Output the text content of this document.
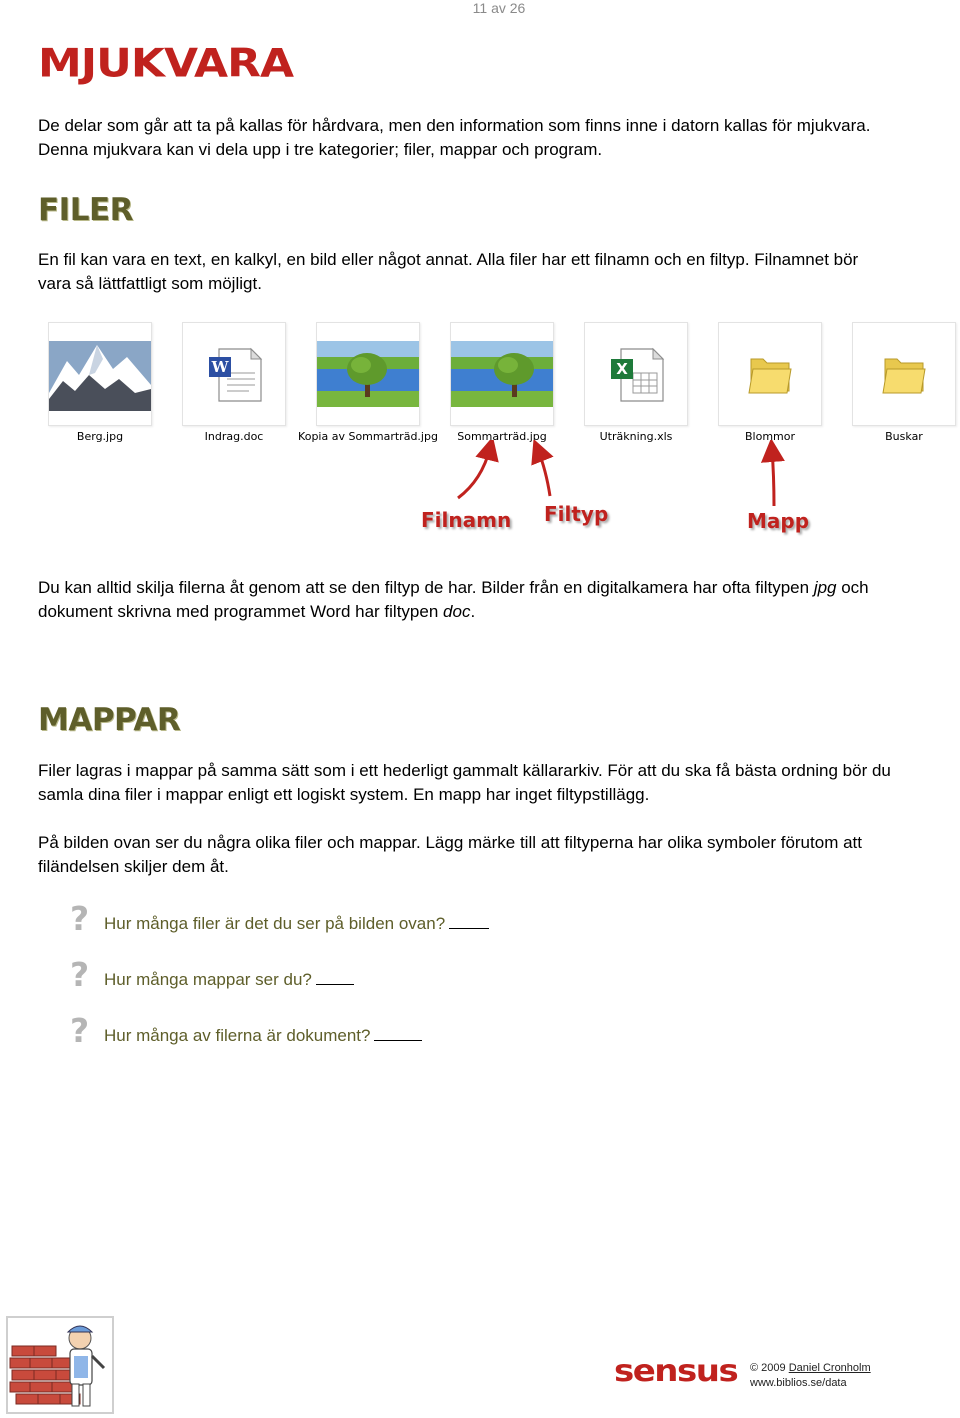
11 av 26
MJUKVARA

De delar som går att ta på kallas för hårdvara, men den information som finns inne i datorn kallas för mjukvara.

Denna mjukvara kan vi dela upp i tre kategorier; filer, mappar och program.

FILER

En fil kan vara en text, en kalkyl, en bild eller något annat. Alla filer har ett filnamn och en filtyp. Filnamnet bör

vara så lättfattligt som möjligt.

W	X
Berg.jpg	Indrag.doc	Kopia av Sommarträd.jpg	Sommarträd.jpg	Uträkning.xls	Blommor	Buskar
Filnamn Filtyp	Mapp

Du kan alltid skilja filerna åt genom att se den filtyp de har. Bilder från en digitalkamera har ofta filtypen jpg och

dokument skrivna med programmet Word har filtypen doc.

MAPPAR

Filer lagras i mappar på samma sätt som i ett hederligt gammalt källararkiv. För att du ska få bästa ordning bör du

samla dina filer i mappar enligt ett logiskt system. En mapp har inget filtypstillägg.

På bilden ovan ser du några olika filer och mappar. Lägg märke till att filtyperna har olika symboler förutom att

filändelsen skiljer dem åt.

? Hur många filer är det du ser på bilden ovan?
? Hur många mappar ser du?
? Hur många av filerna är dokument?
sensus © 2009 Daniel Cronholm
www.biblios.se/data
